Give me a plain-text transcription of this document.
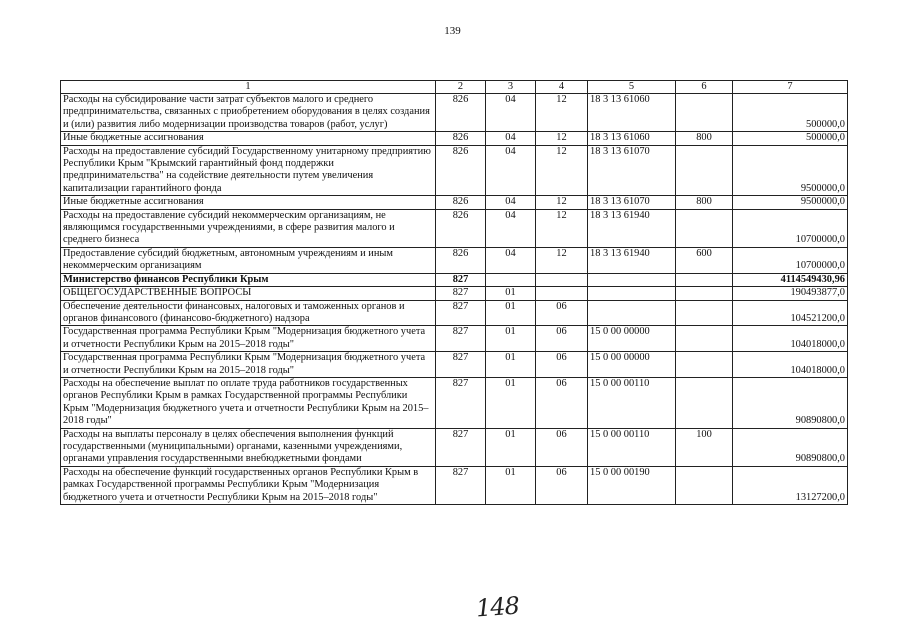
139
1	2	3	4	5	6	7
Расходы на субсидирование части затрат субъектов малого и среднего предпринимательства, связанных с приобретением оборудования в целях создания и (или) развития либо модернизации производства товаров (работ, услуг)	826	04	12	18 3 13 61060		500000,0
Иные бюджетные ассигнования	826	04	12	18 3 13 61060	800	500000,0
Расходы на предоставление субсидий Государственному унитарному предприятию Республики Крым "Крымский гарантийный фонд поддержки предпринимательства" на содействие деятельности путем увеличения капитализации гарантийного фонда	826	04	12	18 3 13 61070		9500000,0
Иные бюджетные ассигнования	826	04	12	18 3 13 61070	800	9500000,0
Расходы на предоставление субсидий некоммерческим организациям, не являющимся государственными учреждениями, в сфере развития малого и среднего бизнеса	826	04	12	18 3 13 61940		10700000,0
Предоставление субсидий бюджетным, автономным учреждениям и иным некоммерческим организациям	826	04	12	18 3 13 61940	600	10700000,0
Министерство финансов Республики Крым	827					4114549430,96
ОБЩЕГОСУДАРСТВЕННЫЕ ВОПРОСЫ	827	01				190493877,0
Обеспечение деятельности финансовых, налоговых и таможенных органов и органов финансового (финансово-бюджетного) надзора	827	01	06			104521200,0
Государственная программа Республики Крым "Модернизация бюджетного учета и отчетности Республики Крым на 2015–2018 годы"	827	01	06	15 0 00 00000		104018000,0
Государственная программа Республики Крым "Модернизация бюджетного учета и отчетности Республики Крым на 2015–2018 годы"	827	01	06	15 0 00 00000		104018000,0
Расходы на обеспечение выплат по оплате труда работников государственных органов Республики Крым в рамках Государственной программы Республики Крым "Модернизация бюджетного учета и отчетности Республики Крым на 2015–2018 годы"	827	01	06	15 0 00 00110		90890800,0
Расходы на выплаты персоналу в целях обеспечения выполнения функций государственными (муниципальными) органами, казенными учреждениями, органами управления государственными внебюджетными фондами	827	01	06	15 0 00 00110	100	90890800,0
Расходы на обеспечение функций государственных органов Республики Крым в рамках Государственной программы Республики Крым "Модернизация бюджетного учета и отчетности Республики Крым на 2015–2018 годы"	827	01	06	15 0 00 00190		13127200,0
148
